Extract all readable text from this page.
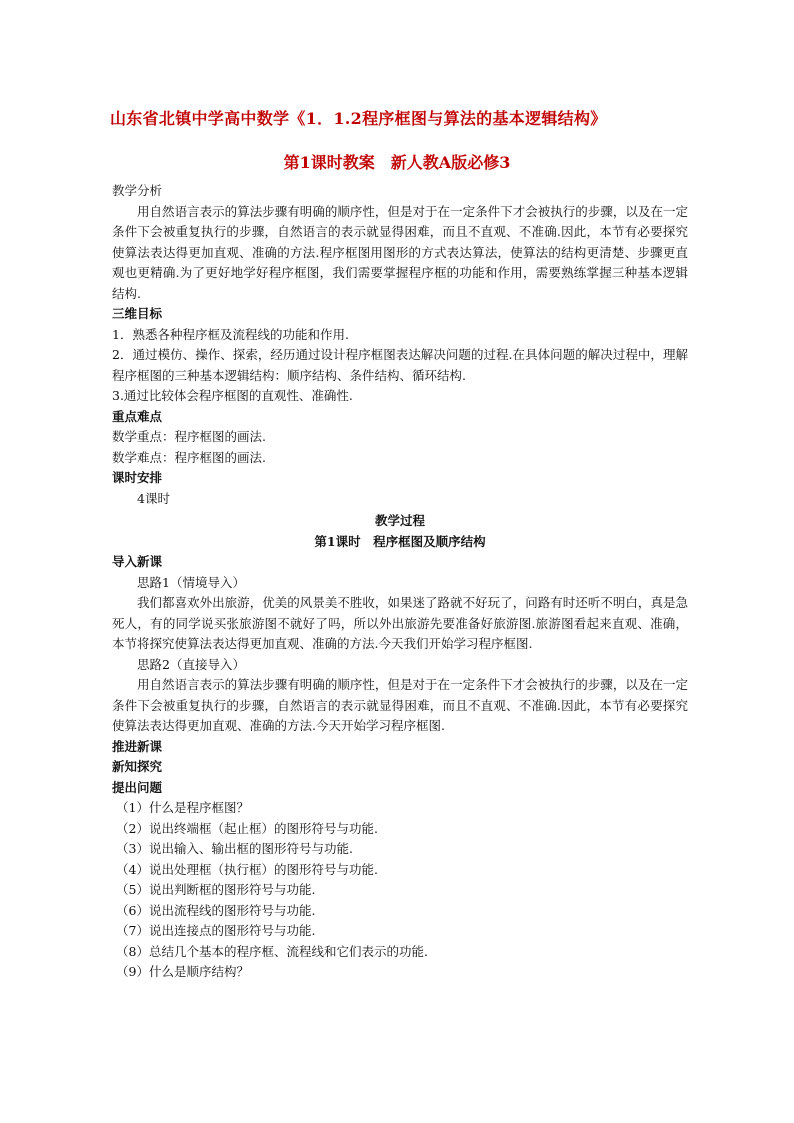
山东省北镇中学高中数学《1．1.2程序框图与算法的基本逻辑结构》
第1课时教案　新人教A版必修3

教学分析

用自然语言表示的算法步骤有明确的顺序性，但是对于在一定条件下才会被执行的步骤，以及在一定条件下会被重复执行的步骤，自然语言的表示就显得困难，而且不直观、不准确.因此，本节有必要探究使算法表达得更加直观、准确的方法.程序框图用图形的方式表达算法，使算法的结构更清楚、步骤更直观也更精确.为了更好地学好程序框图，我们需要掌握程序框的功能和作用，需要熟练掌握三种基本逻辑结构.

三维目标

1．熟悉各种程序框及流程线的功能和作用.

2．通过模仿、操作、探索，经历通过设计程序框图表达解决问题的过程.在具体问题的解决过程中，理解程序框图的三种基本逻辑结构：顺序结构、条件结构、循环结构.

3.通过比较体会程序框图的直观性、准确性.

重点难点

数学重点：程序框图的画法.

数学难点：程序框图的画法.

课时安排

4课时

教学过程

第1课时　程序框图及顺序结构

导入新课

思路1（情境导入）

我们都喜欢外出旅游，优美的风景美不胜收，如果迷了路就不好玩了，问路有时还听不明白，真是急死人，有的同学说买张旅游图不就好了吗，所以外出旅游先要准备好旅游图.旅游图看起来直观、准确，本节将探究使算法表达得更加直观、准确的方法.今天我们开始学习程序框图.

思路2（直接导入）

用自然语言表示的算法步骤有明确的顺序性，但是对于在一定条件下才会被执行的步骤，以及在一定条件下会被重复执行的步骤，自然语言的表示就显得困难，而且不直观、不准确.因此，本节有必要探究使算法表达得更加直观、准确的方法.今天开始学习程序框图.

推进新课

新知探究

提出问题

（1）什么是程序框图？

（2）说出终端框（起止框）的图形符号与功能.

（3）说出输入、输出框的图形符号与功能.

（4）说出处理框（执行框）的图形符号与功能.

（5）说出判断框的图形符号与功能.

（6）说出流程线的图形符号与功能.

（7）说出连接点的图形符号与功能.

（8）总结几个基本的程序框、流程线和它们表示的功能.

（9）什么是顺序结构？
